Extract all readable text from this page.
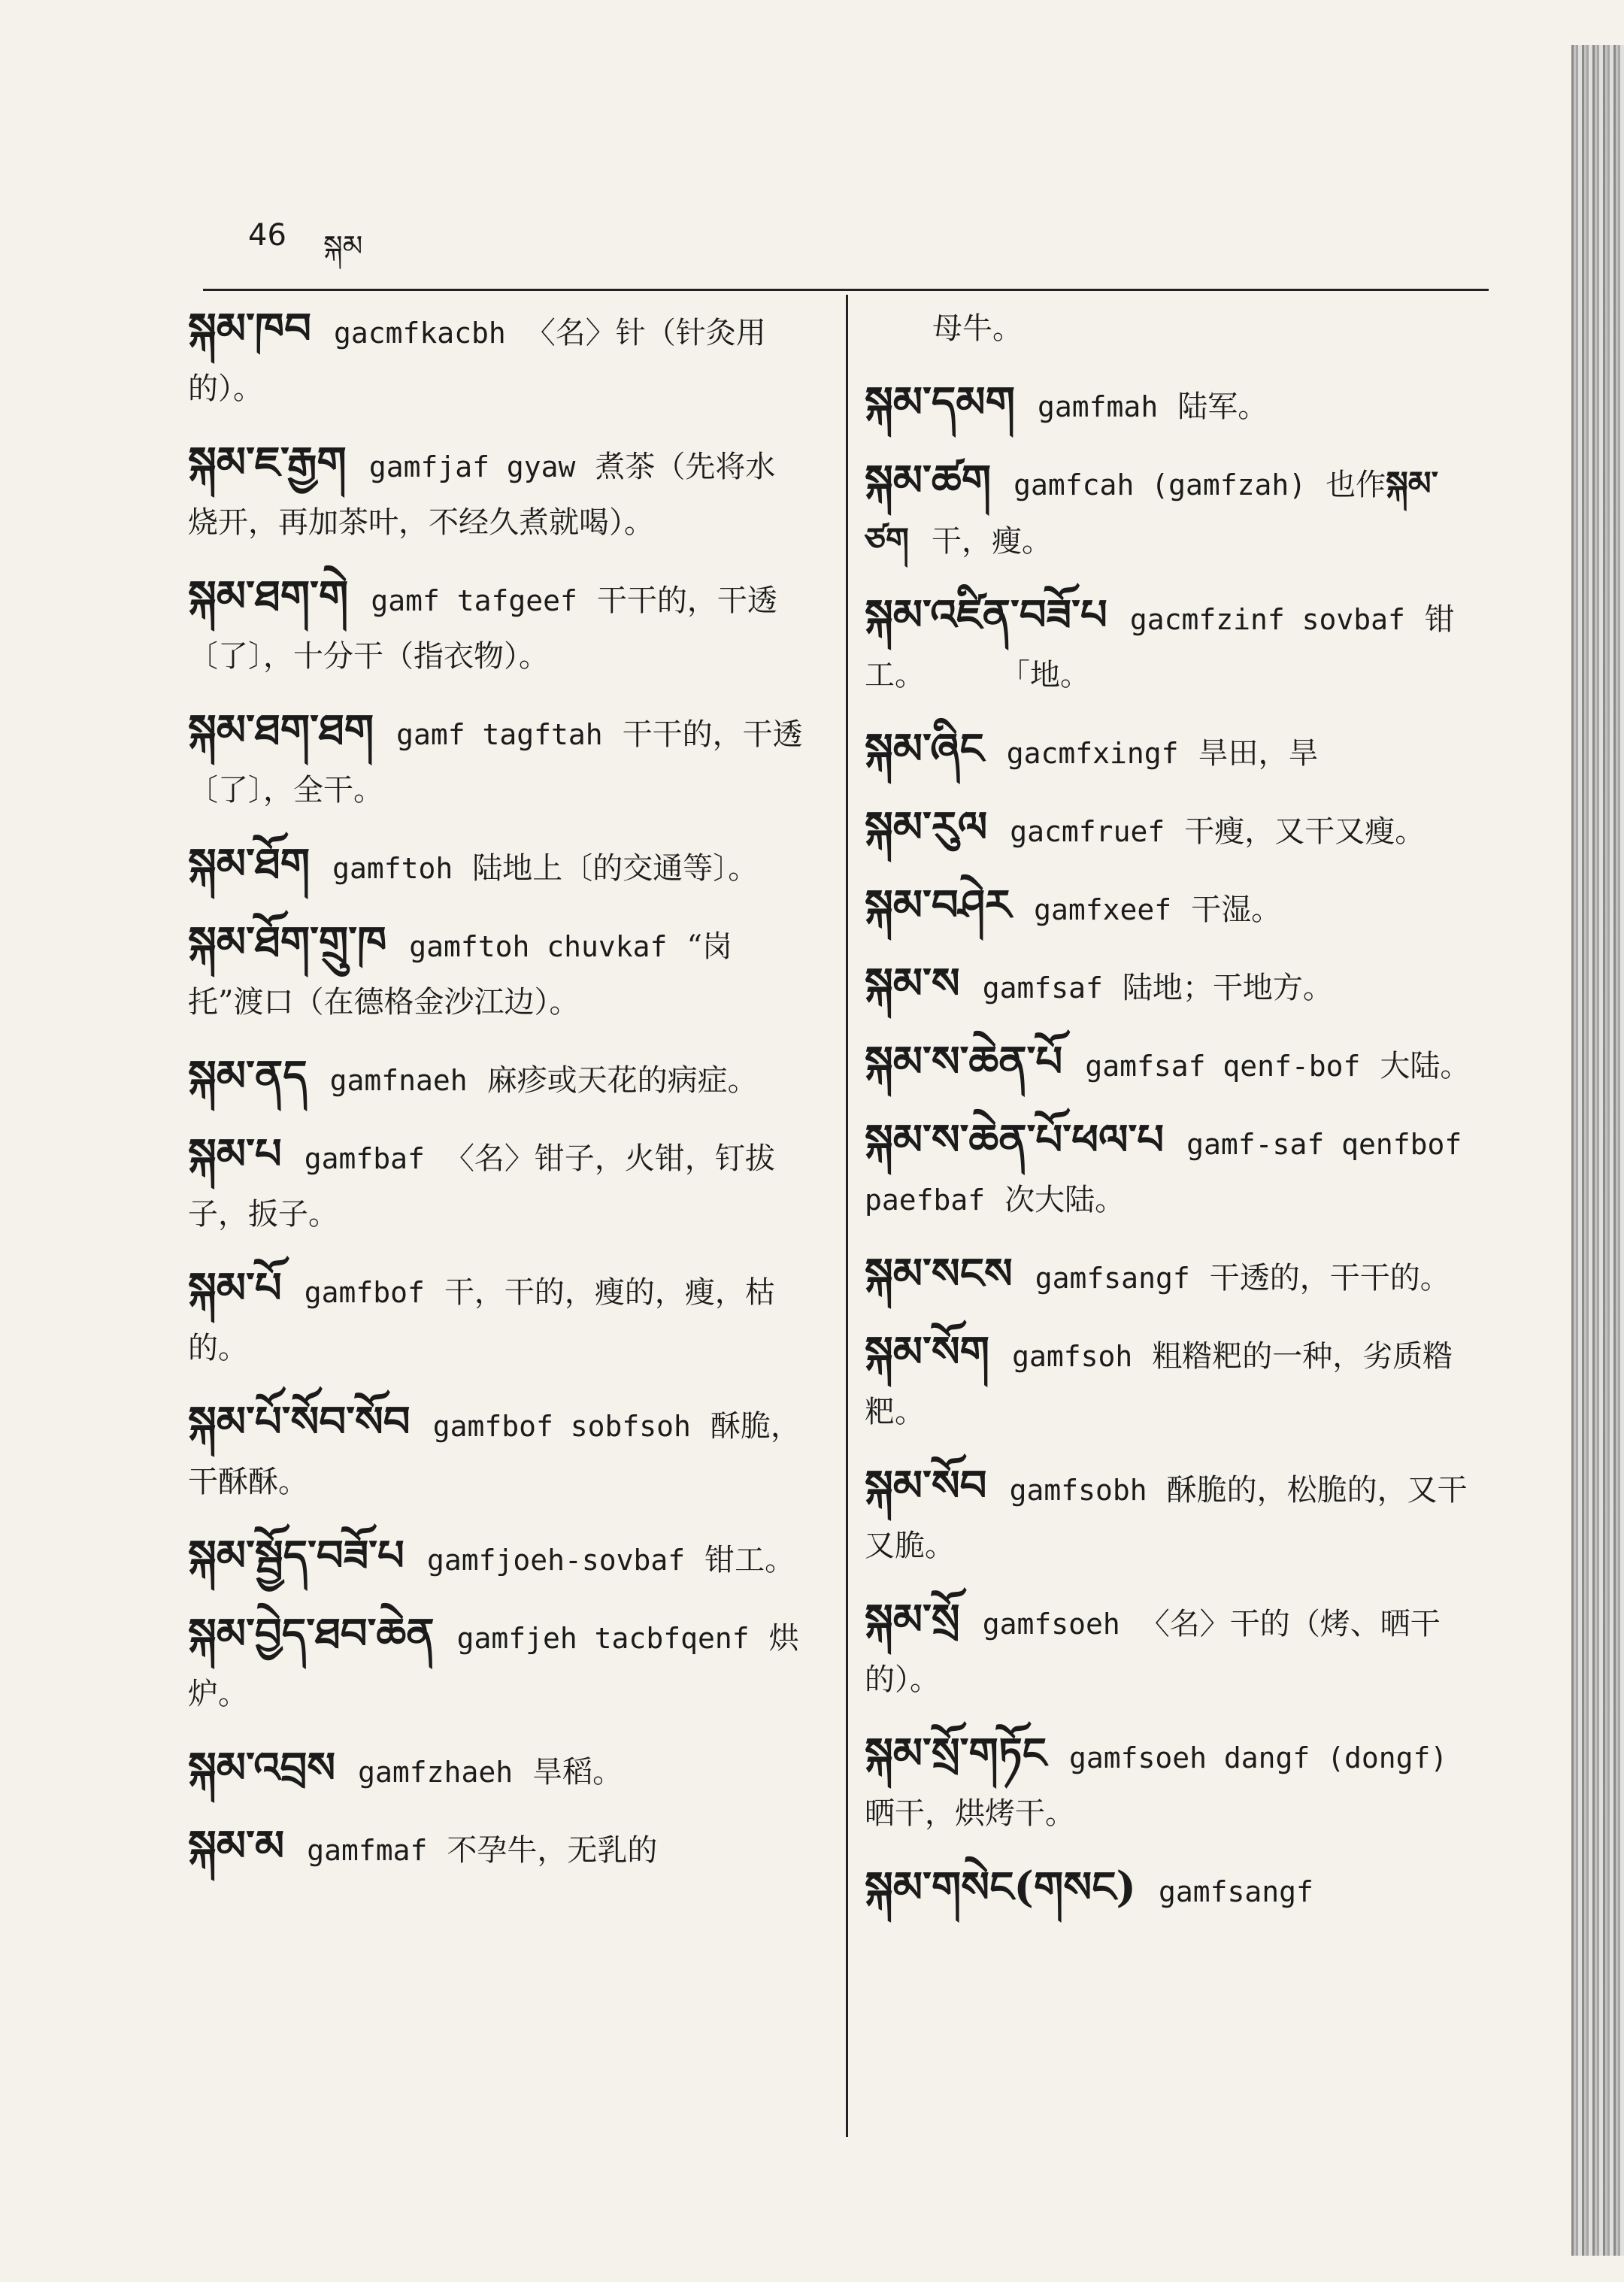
46 སྐམ
སྐམ་ཁབ gacmfkacbh 〈名〉针（针灸用的）。
སྐམ་ཇ་རྒྱག gamfjaf gyaw 煮茶（先将水烧开，再加茶叶，不经久煮就喝）。
སྐམ་ཐག་གེ gamf tafgeef 干干的，干透〔了〕，十分干（指衣物）。
སྐམ་ཐག་ཐག gamf tagftah 干干的，干透〔了〕，全干。
སྐམ་ཐོག gamftoh 陆地上〔的交通等〕。
སྐམ་ཐོག་གྲུ་ཁ gamftoh chuvkaf “岗托”渡口（在德格金沙江边）。
སྐམ་ནད gamfnaeh 麻疹或天花的病症。
སྐམ་པ gamfbaf 〈名〉钳子，火钳，钉拔子，扳子。
སྐམ་པོ gamfbof 干，干的，瘦的，瘦，枯的。
སྐམ་པོ་སོབ་སོབ gamfbof sobfsoh 酥脆，干酥酥。
སྐམ་སྦྱོད་བཟོ་པ gamfjoeh-sovbaf 钳工。
སྐམ་བྱེད་ཐབ་ཆེན gamfjeh tacbfqenf 烘炉。
སྐམ་འབྲས gamfzhaeh 旱稻。
སྐམ་མ gamfmaf 不孕牛，无乳的
母牛。
སྐམ་དམག gamfmah 陆军。
སྐམ་ཚག gamfcah (gamfzah) 也作སྐམ་ཙག 干，瘦。
སྐམ་འཛིན་བཟོ་པ gacmfzinf sovbaf 钳工。	「地。
སྐམ་ཞིང gacmfxingf 旱田，旱
སྐམ་རུལ gacmfruef 干瘦，又干又瘦。
སྐམ་བཤེར gamfxeef 干湿。
སྐམ་ས gamfsaf 陆地；干地方。
སྐམ་ས་ཆེན་པོ gamfsaf qenf-bof 大陆。
སྐམ་ས་ཆེན་པོ་ཕལ་པ gamf-saf qenfbof paefbaf 次大陆。
སྐམ་སངས gamfsangf 干透的，干干的。
སྐམ་སོག gamfsoh 粗糌粑的一种，劣质糌粑。
སྐམ་སོབ gamfsobh 酥脆的，松脆的，又干又脆。
སྐམ་སྲོ gamfsoeh 〈名〉干的（烤、晒干的）。
སྐམ་སྲོ་གཏོང gamfsoeh dangf (dongf)晒干，烘烤干。
སྐམ་གསེང(གསང) gamfsangf
